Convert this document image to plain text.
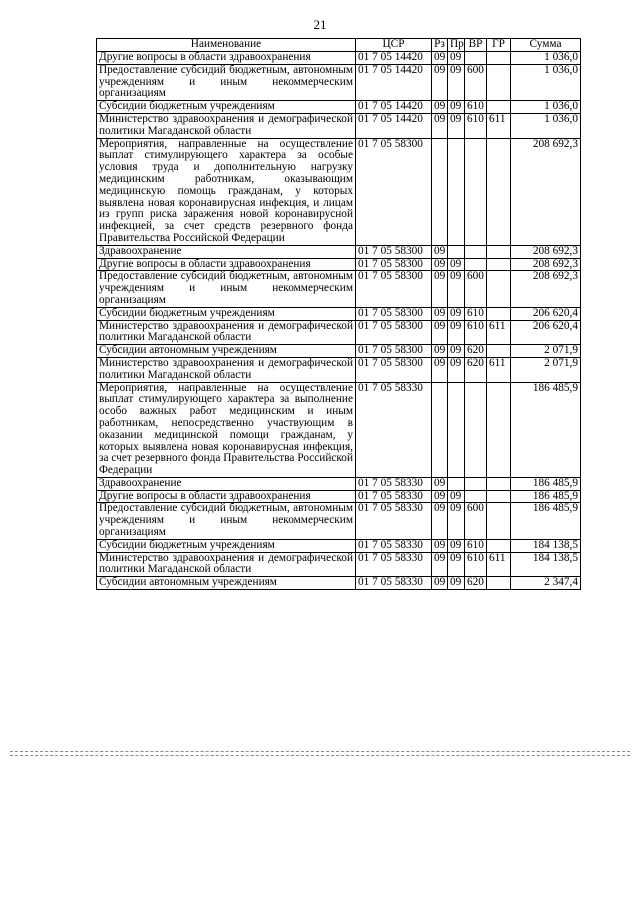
21
Наименование	ЦСР	Рз	Пр	ВР	ГР	Сумма
Другие вопросы в области здравоохранения	01 7 05 14420	09	09			1 036,0
Предоставление субсидий бюджетным, автономным учреждениям и иным некоммерческим организациям	01 7 05 14420	09	09	600		1 036,0
Субсидии бюджетным учреждениям	01 7 05 14420	09	09	610		1 036,0
Министерство здравоохранения и демографической политики Магаданской области	01 7 05 14420	09	09	610	611	1 036,0
Мероприятия, направленные на осуществление выплат стимулирующего характера за особые условия труда и дополнительную нагрузку медицинским работникам, оказывающим медицинскую помощь гражданам, у которых выявлена новая коронавирусная инфекция, и лицам из групп риска заражения новой коронавирусной инфекцией, за счет средств резервного фонда Правительства Российской Федерации	01 7 05 58300					208 692,3
Здравоохранение	01 7 05 58300	09				208 692,3
Другие вопросы в области здравоохранения	01 7 05 58300	09	09			208 692,3
Предоставление субсидий бюджетным, автономным учреждениям и иным некоммерческим организациям	01 7 05 58300	09	09	600		208 692,3
Субсидии бюджетным учреждениям	01 7 05 58300	09	09	610		206 620,4
Министерство здравоохранения и демографической политики Магаданской области	01 7 05 58300	09	09	610	611	206 620,4
Субсидии автономным учреждениям	01 7 05 58300	09	09	620		2 071,9
Министерство здравоохранения и демографической политики Магаданской области	01 7 05 58300	09	09	620	611	2 071,9
Мероприятия, направленные на осуществление выплат стимулирующего характера за выполнение особо важных работ медицинским и иным работникам, непосредственно участвующим в оказании медицинской помощи гражданам, у которых выявлена новая коронавирусная инфекция, за счет резервного фонда Правительства Российской Федерации	01 7 05 58330					186 485,9
Здравоохранение	01 7 05 58330	09				186 485,9
Другие вопросы в области здравоохранения	01 7 05 58330	09	09			186 485,9
Предоставление субсидий бюджетным, автономным учреждениям и иным некоммерческим организациям	01 7 05 58330	09	09	600		186 485,9
Субсидии бюджетным учреждениям	01 7 05 58330	09	09	610		184 138,5
Министерство здравоохранения и демографической политики Магаданской области	01 7 05 58330	09	09	610	611	184 138,5
Субсидии автономным учреждениям	01 7 05 58330	09	09	620		2 347,4
